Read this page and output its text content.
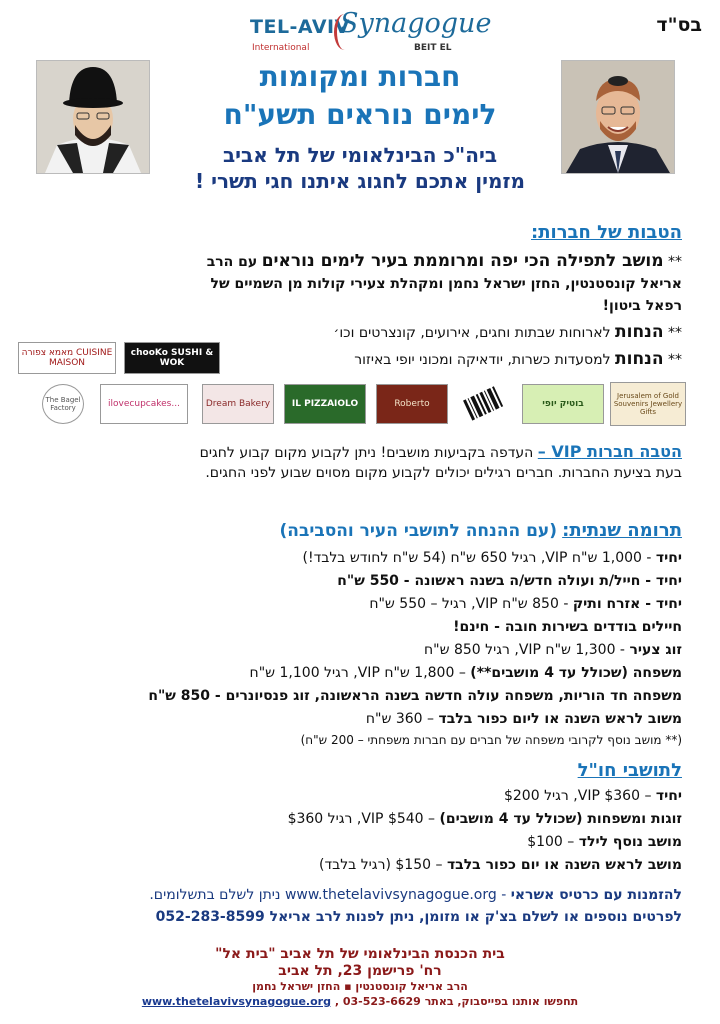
בס"ד
TEL-AVIV
Synagogue
International	BEIT EL
חברות ומקומות
לימים נוראים תשע"ח
ביה"כ הבינלאומי של תל אביב
מזמין אתכם לחגוג איתנו חגי תשרי !
הטבות של חברות:
** מושב לתפילה הכי יפה ומרוממת בעיר לימים נוראים עם הרב
אריאל קונסטנטין, החזן ישראל נחמן ומקהלת צעירי קולות מן השמיים של
רפאל ביטון!
** הנחות לארוחות שבתות וחגים, אירועים, קונצרטים וכו׳
** הנחות למסעדות כשרות, יודאיקה ומכוני יופי באיזור
מאמא צפורה CUISINE MAISON
chooKo SUSHI & WOK
The Bagel Factory	ilovecupcakes...	Dream Bakery	IL PIZZAIOLO	Roberto	בוטיק יופי
Jerusalem of Gold Souvenirs Jewellery Gifts
הטבה חברות VIP – העדפה בקביעות מושבים! ניתן לקבוע מקום קבוע לחגים
בעת בציעת החברות. חברים רגילים יכולים לקבוע מקום מסוים שבוע לפני החגים.
תרומה שנתית: (עם ההנחה לתושבי העיר והסביבה)
יחיד - 1,000 ש"ח VIP, רגיל 650 ש"ח (54 ש"ח לחודש בלבד!)
יחיד - חייל/ת ועולה חדש/ה בשנה ראשונה - 550 ש"ח
יחיד - אזרח ותיק - 850 ש"ח VIP, רגיל – 550 ש"ח
חיילים בודדים בשירות חובה - חינם!
זוג צעיר - 1,300 ש"ח VIP, רגיל 850 ש"ח
משפחה (שכולל עד 4 מושבים**) – 1,800 ש"ח VIP, רגיל 1,100 ש"ח
משפחה חד הוריות, משפחה עולה חדשה בשנה הראשונה, זוג פנסיונרים - 850 ש"ח
משוב לראש השנה או ליום כפור בלבד – 360 ש"ח
(** מושב נוסף לקרובי משפחה של חברים עם חברות משפחתי – 200 ש"ח)
לתושבי חו"ל
יחיד – $360 VIP, רגיל $200
זוגות ומשפחות (שכולל עד 4 מושבים) – $540 VIP, רגיל $360
מושב נוסף לילד – $100
מושב לראש השנה או יום כפור בלבד – $150 (רגיל בלבד)
להזמנות עם כרטיס אשראי - www.thetelavivsynagogue.org ניתן לשלם בתשלומים.
לפרטים נוספים או לשלם בצ'ק או מזומן, ניתן לפנות לרב אריאל 052-283-8599
בית הכנסת הבינלאומי של תל אביב "בית אל"
רח' פרישמן 23, תל אביב
הרב אריאל קונסטנטין ▪ החזן ישראל נחמן
תחפשו אותנו בפייסבוק, באתר www.thetelavivsynagogue.org , 03-523-6629
